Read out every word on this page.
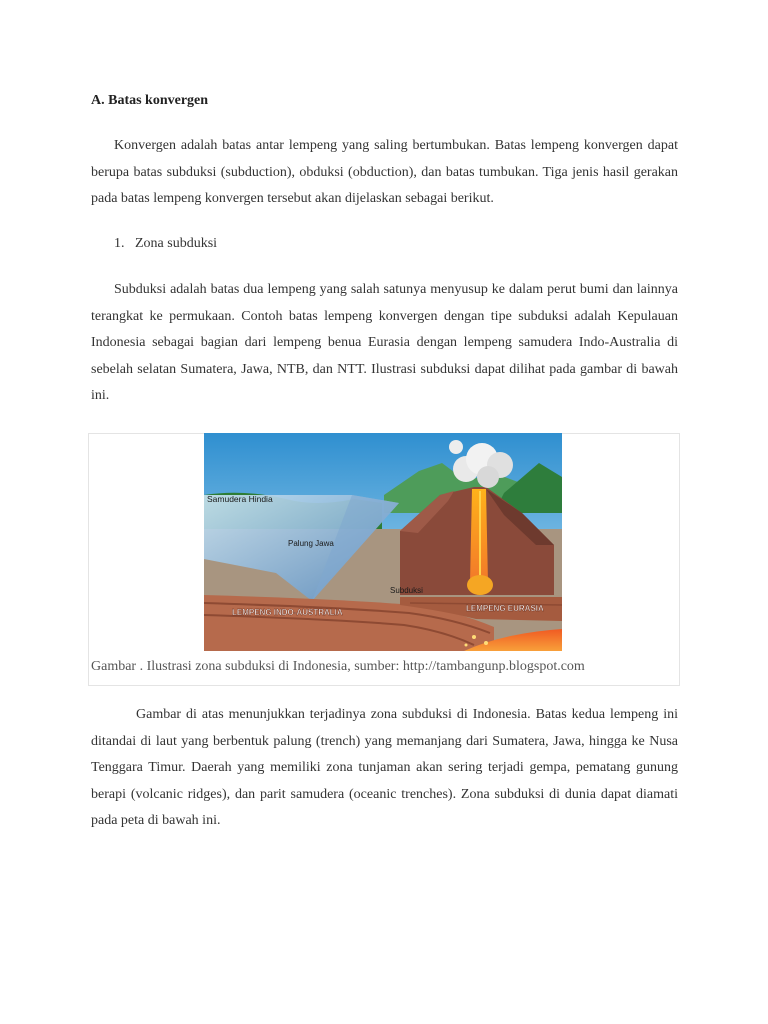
A. Batas konvergen

Konvergen adalah batas antar lempeng yang saling bertumbukan. Batas lempeng konvergen dapat berupa batas subduksi (subduction), obduksi (obduction), dan batas tumbukan. Tiga jenis hasil gerakan pada batas lempeng konvergen tersebut akan dijelaskan sebagai berikut.

1. Zona subduksi

Subduksi adalah batas dua lempeng yang salah satunya menyusup ke dalam perut bumi dan lainnya terangkat ke permukaan. Contoh batas lempeng konvergen dengan tipe subduksi adalah Kepulauan Indonesia sebagai bagian dari lempeng benua Eurasia dengan lempeng samudera Indo-Australia di sebelah selatan Sumatera, Jawa, NTB, dan NTT. Ilustrasi subduksi dapat dilihat pada gambar di bawah ini.

Samudera Hindia
Palung Jawa
Subduksi
LEMPENG INDO-AUSTRALIA	LEMPENG EURASIA
Gambar . Ilustrasi zona subduksi di Indonesia, sumber: http://tambangunp.blogspot.com

Gambar di atas menunjukkan terjadinya zona subduksi di Indonesia. Batas kedua lempeng ini ditandai di laut yang berbentuk palung (trench) yang memanjang dari Sumatera, Jawa, hingga ke Nusa Tenggara Timur. Daerah yang memiliki zona tunjaman akan sering terjadi gempa, pematang gunung berapi (volcanic ridges), dan parit samudera (oceanic trenches). Zona subduksi di dunia dapat diamati pada peta di bawah ini.
